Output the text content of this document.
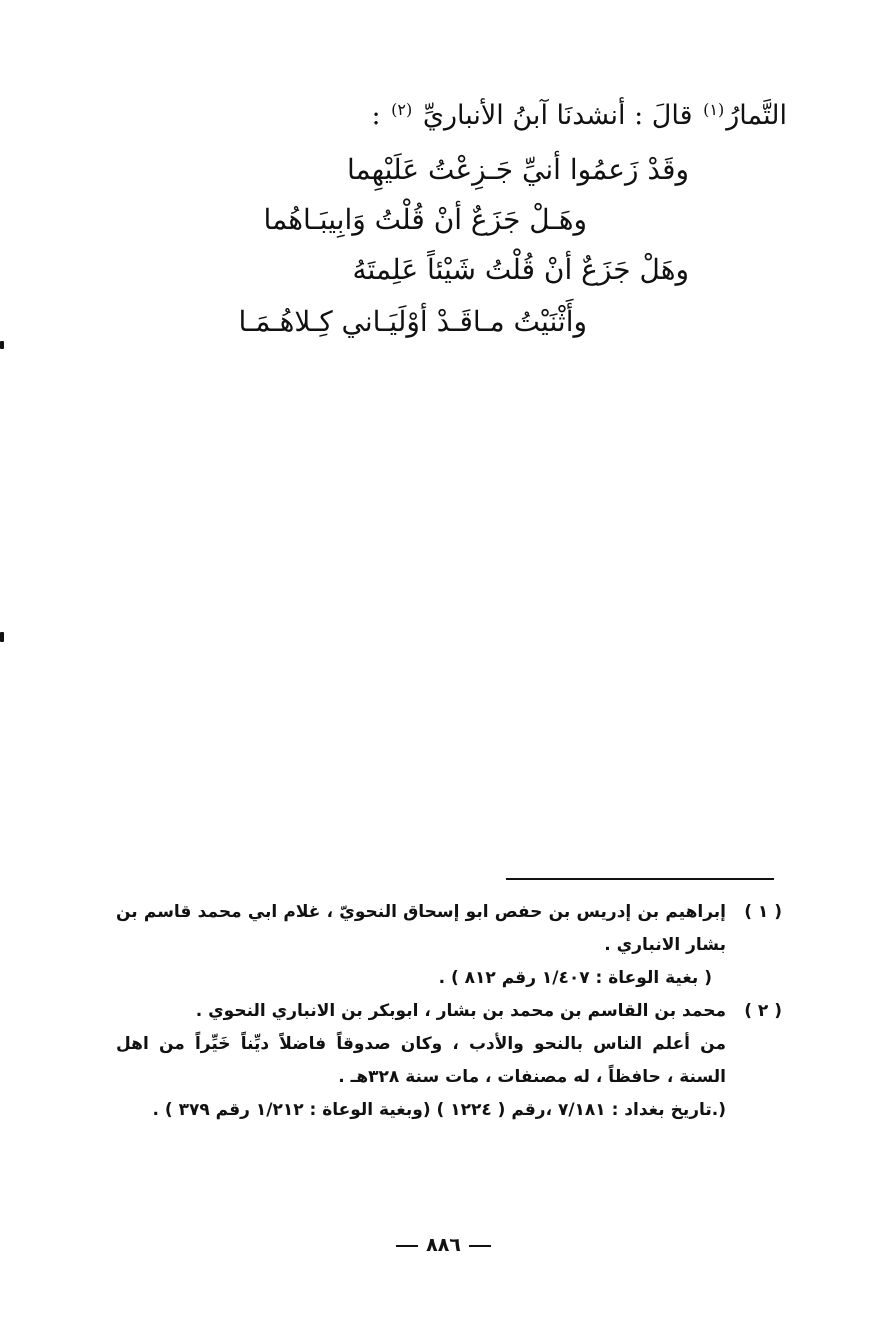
التَّمارُ$^{(١)}$ قالَ : أنشدنَا آبنُ الأنباريِّ $^{(٢)}$ :
وقَدْ زَعمُوا أنيِّ جَـزِعْتُ عَلَيْهِما
وهَـلْ جَزَعٌ أنْ قُلْتُ وَابِيبَـاهُما
وهَلْ جَزَعٌ أنْ قُلْتُ شَيْئاً عَلِمتَهُ
وأَثْنَيْتُ مـاقَـدْ أوْلَيَـاني كِـلاهُـمَـا
( ١ )
إبراهيم بن إدريس بن حفص ابو إسحاق النحويّ ، غلام ابي محمد قاسم بن بشار الانباري .
( بغية الوعاة : ١/٤٠٧ رقم ٨١٢ ) .
( ٢ )
محمد بن القاسم بن محمد بن بشار ، ابوبكر بن الانباري النحوي .
من أعلم الناس بالنحو والأدب ، وكان صدوقاً فاضلاً ديِّناً خَيِّراً من اهل السنة ، حافظاً ، له مصنفات ، مات سنة ٣٢٨هـ .
(.تاريخ بغداد : ٧/١٨١ ،رقم ( ١٢٢٤ ) (وبغية الوعاة : ١/٢١٢ رقم ٣٧٩ ) .
٨٨٦
